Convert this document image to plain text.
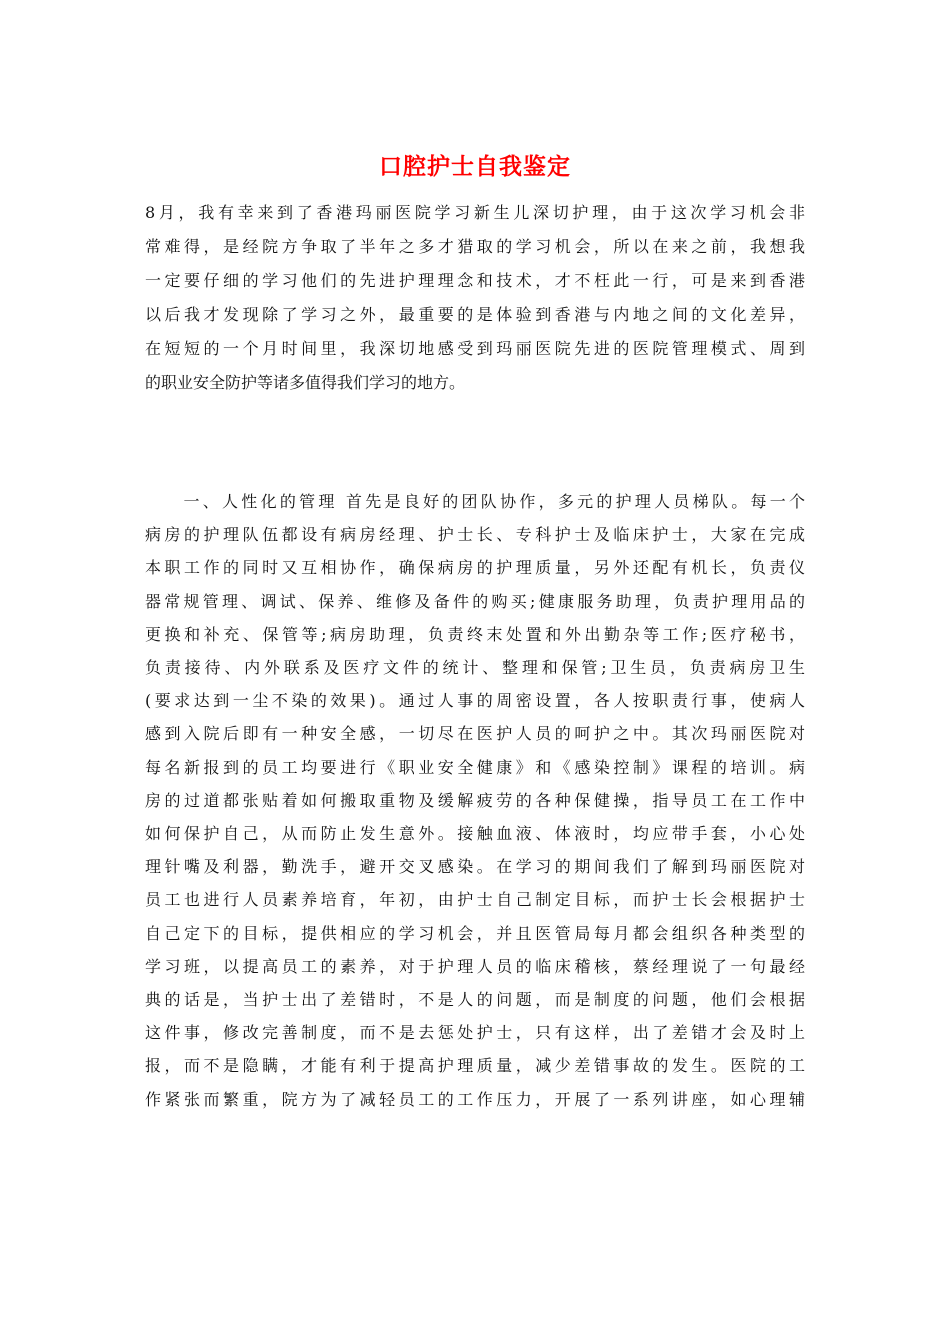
口腔护士自我鉴定
8月，我有幸来到了香港玛丽医院学习新生儿深切护理，由于这次学习机会非
常难得，是经院方争取了半年之多才猎取的学习机会，所以在来之前，我想我
一定要仔细的学习他们的先进护理理念和技术，才不枉此一行，可是来到香港
以后我才发现除了学习之外，最重要的是体验到香港与内地之间的文化差异，
在短短的一个月时间里，我深切地感受到玛丽医院先进的医院管理模式、周到
的职业安全防护等诸多值得我们学习的地方。
　　一、人性化的管理 首先是良好的团队协作，多元的护理人员梯队。每一个
病房的护理队伍都设有病房经理、护士长、专科护士及临床护士，大家在完成
本职工作的同时又互相协作，确保病房的护理质量，另外还配有机长，负责仪
器常规管理、调试、保养、维修及备件的购买;健康服务助理，负责护理用品的
更换和补充、保管等;病房助理，负责终末处置和外出勤杂等工作;医疗秘书，
负责接待、内外联系及医疗文件的统计、整理和保管;卫生员，负责病房卫生
(要求达到一尘不染的效果)。通过人事的周密设置，各人按职责行事，使病人
感到入院后即有一种安全感，一切尽在医护人员的呵护之中。其次玛丽医院对
每名新报到的员工均要进行《职业安全健康》和《感染控制》课程的培训。病
房的过道都张贴着如何搬取重物及缓解疲劳的各种保健操，指导员工在工作中
如何保护自己，从而防止发生意外。接触血液、体液时，均应带手套，小心处
理针嘴及利器，勤洗手，避开交叉感染。在学习的期间我们了解到玛丽医院对
员工也进行人员素养培育，年初，由护士自己制定目标，而护士长会根据护士
自己定下的目标，提供相应的学习机会，并且医管局每月都会组织各种类型的
学习班，以提高员工的素养，对于护理人员的临床稽核，蔡经理说了一句最经
典的话是，当护士出了差错时，不是人的问题，而是制度的问题，他们会根据
这件事，修改完善制度，而不是去惩处护士，只有这样，出了差错才会及时上
报，而不是隐瞒，才能有利于提高护理质量，减少差错事故的发生。医院的工
作紧张而繁重，院方为了减轻员工的工作压力，开展了一系列讲座，如心理辅
